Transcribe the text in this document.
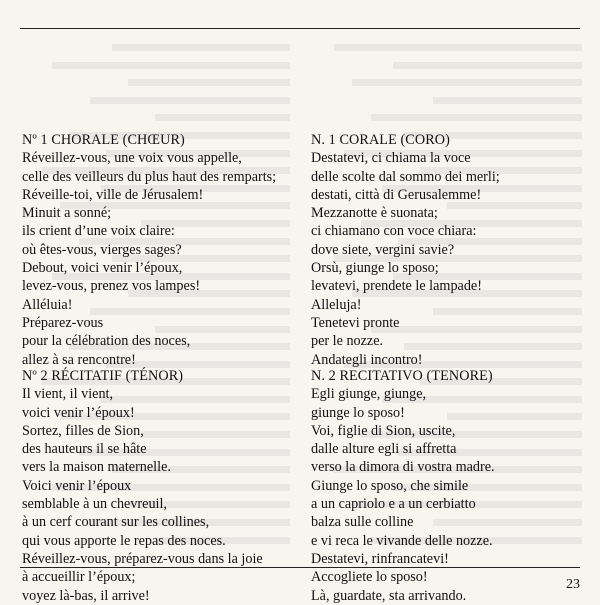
Nº 1 CHORALE (CHŒUR)
Réveillez-vous, une voix vous appelle,
celle des veilleurs du plus haut des remparts;
Réveille-toi, ville de Jérusalem!
Minuit a sonné;
ils crient d’une voix claire:
où êtes-vous, vierges sages?
Debout, voici venir l’époux,
levez-vous, prenez vos lampes!
Alléluia!
Préparez-vous
pour la célébration des noces,
allez à sa rencontre!
Nº 2 RÉCITATIF (TÉNOR)
Il vient, il vient,
voici venir l’époux!
Sortez, filles de Sion,
des hauteurs il se hâte
vers la maison maternelle.
Voici venir l’époux
semblable à un chevreuil,
à un cerf courant sur les collines,
qui vous apporte le repas des noces.
Réveillez-vous, préparez-vous dans la joie
à accueillir l’époux;
voyez là-bas, il arrive!
N. 1 CORALE (CORO)
Destatevi, ci chiama la voce
delle scolte dal sommo dei merli;
destati, città di Gerusalemme!
Mezzanotte è suonata;
ci chiamano con voce chiara:
dove siete, vergini savie?
Orsù, giunge lo sposo;
levatevi, prendete le lampade!
Alleluja!
Tenetevi pronte
per le nozze.
Andategli incontro!
N. 2 RECITATIVO (TENORE)
Egli giunge, giunge,
giunge lo sposo!
Voi, figlie di Sion, uscite,
dalle alture egli si affretta
verso la dimora di vostra madre.
Giunge lo sposo, che simile
a un capriolo e a un cerbiatto
balza sulle colline
e vi reca le vivande delle nozze.
Destatevi, rinfrancatevi!
Accogliete lo sposo!
Là, guardate, sta arrivando.
23
